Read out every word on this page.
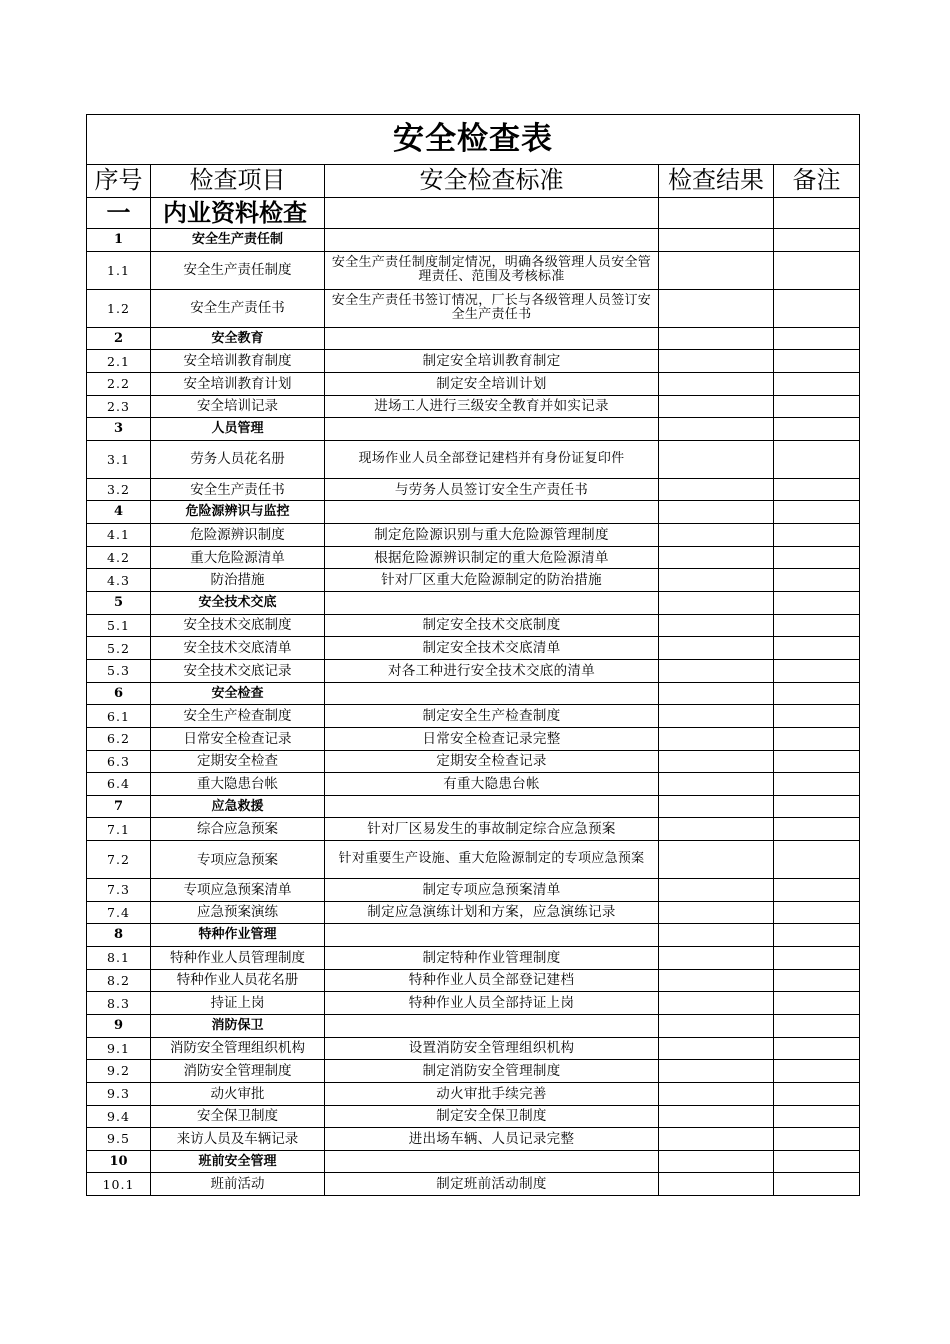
安全检查表				
序号	检查项目	安全检查标准	检查结果	备注
一	内业资料检查			
1	安全生产责任制			
1.1	安全生产责任制度	安全生产责任制度制定情况，明确各级管理人员安全管理责任、范围及考核标准		
1.2	安全生产责任书	安全生产责任书签订情况，厂长与各级管理人员签订安全生产责任书		
2	安全教育			
2.1	安全培训教育制度	制定安全培训教育制定		
2.2	安全培训教育计划	制定安全培训计划		
2.3	安全培训记录	进场工人进行三级安全教育并如实记录		
3	人员管理			
3.1	劳务人员花名册	现场作业人员全部登记建档并有身份证复印件		
3.2	安全生产责任书	与劳务人员签订安全生产责任书		
4	危险源辨识与监控			
4.1	危险源辨识制度	制定危险源识别与重大危险源管理制度		
4.2	重大危险源清单	根据危险源辨识制定的重大危险源清单		
4.3	防治措施	针对厂区重大危险源制定的防治措施		
5	安全技术交底			
5.1	安全技术交底制度	制定安全技术交底制度		
5.2	安全技术交底清单	制定安全技术交底清单		
5.3	安全技术交底记录	对各工种进行安全技术交底的清单		
6	安全检查			
6.1	安全生产检查制度	制定安全生产检查制度		
6.2	日常安全检查记录	日常安全检查记录完整		
6.3	定期安全检查	定期安全检查记录		
6.4	重大隐患台帐	有重大隐患台帐		
7	应急救援			
7.1	综合应急预案	针对厂区易发生的事故制定综合应急预案		
7.2	专项应急预案	针对重要生产设施、重大危险源制定的专项应急预案		
7.3	专项应急预案清单	制定专项应急预案清单		
7.4	应急预案演练	制定应急演练计划和方案，应急演练记录		
8	特种作业管理			
8.1	特种作业人员管理制度	制定特种作业管理制度		
8.2	特种作业人员花名册	特种作业人员全部登记建档		
8.3	持证上岗	特种作业人员全部持证上岗		
9	消防保卫			
9.1	消防安全管理组织机构	设置消防安全管理组织机构		
9.2	消防安全管理制度	制定消防安全管理制度		
9.3	动火审批	动火审批手续完善		
9.4	安全保卫制度	制定安全保卫制度		
9.5	来访人员及车辆记录	进出场车辆、人员记录完整		
10	班前安全管理			
10.1	班前活动	制定班前活动制度		
